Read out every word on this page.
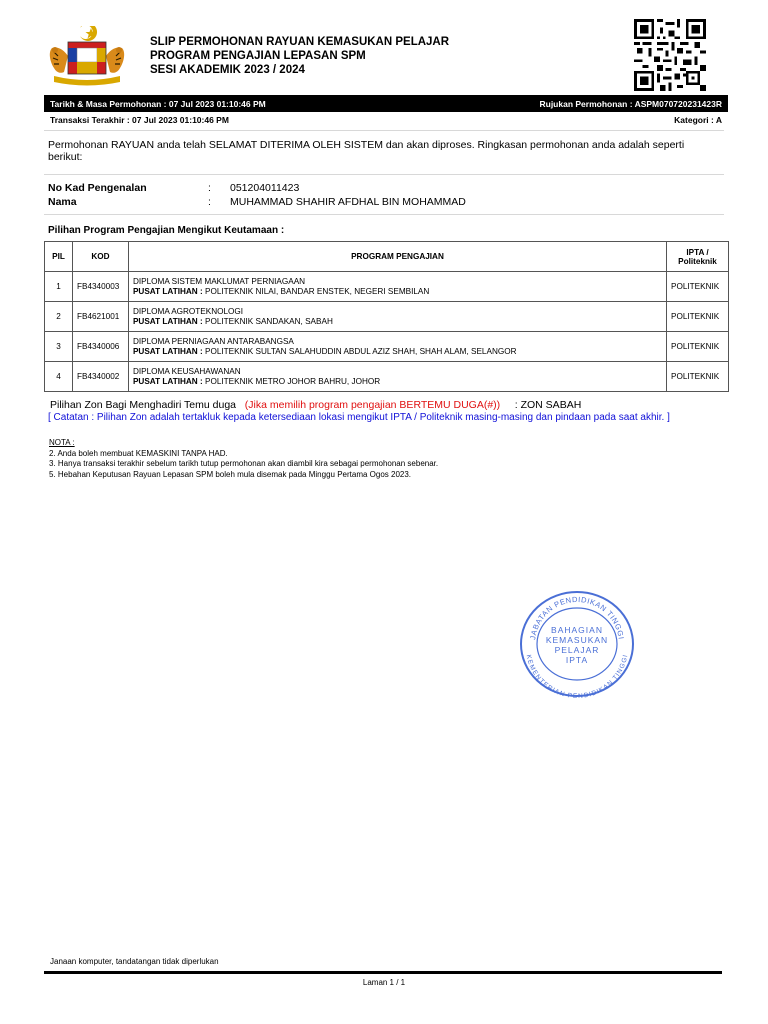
SLIP PERMOHONAN RAYUAN KEMASUKAN PELAJAR
PROGRAM PENGAJIAN LEPASAN SPM
SESI AKADEMIK 2023 / 2024
Tarikh & Masa Permohonan : 07 Jul 2023 01:10:46 PM	Rujukan Permohonan : ASPM070720231423R
Transaksi Terakhir : 07 Jul 2023 01:10:46 PM	Kategori : A
Permohonan RAYUAN anda telah SELAMAT DITERIMA OLEH SISTEM dan akan diproses. Ringkasan permohonan anda adalah seperti berikut:
No Kad Pengenalan	: 051204011423
Nama	: MUHAMMAD SHAHIR AFDHAL BIN MOHAMMAD
Pilihan Program Pengajian Mengikut Keutamaan :
PIL	KOD	PROGRAM PENGAJIAN	IPTA /
Politeknik

1	FB4340003	DIPLOMA SISTEM MAKLUMAT PERNIAGAAN
PUSAT LATIHAN : POLITEKNIK NILAI, BANDAR ENSTEK, NEGERI SEMBILAN	POLITEKNIK
2	FB4621001	DIPLOMA AGROTEKNOLOGI
PUSAT LATIHAN : POLITEKNIK SANDAKAN, SABAH	POLITEKNIK
3	FB4340006	DIPLOMA PERNIAGAAN ANTARABANGSA
PUSAT LATIHAN : POLITEKNIK SULTAN SALAHUDDIN ABDUL AZIZ SHAH, SHAH ALAM, SELANGOR	POLITEKNIK
4	FB4340002	DIPLOMA KEUSAHAWANAN
PUSAT LATIHAN : POLITEKNIK METRO JOHOR BAHRU, JOHOR	POLITEKNIK
Pilihan Zon Bagi Menghadiri Temu duga (Jika memilih program pengajian BERTEMU DUGA(#)) : ZON SABAH
[ Catatan : Pilihan Zon adalah tertakluk kepada ketersediaan lokasi mengikut IPTA / Politeknik masing-masing dan pindaan pada saat akhir. ]
NOTA :
2. Anda boleh membuat KEMASKINI TANPA HAD.
3. Hanya transaksi terakhir sebelum tarikh tutup permohonan akan diambil kira sebagai permohonan sebenar.
5. Hebahan Keputusan Rayuan Lepasan SPM boleh mula disemak pada Minggu Pertama Ogos 2023.
JABATAN PENDIDIKAN TINGGI
KEMENTERIAN PENDIDIKAN TINGGI
BAHAGIAN
KEMASUKAN
PELAJAR
IPTA
Janaan komputer, tandatangan tidak diperlukan
Laman 1 / 1
